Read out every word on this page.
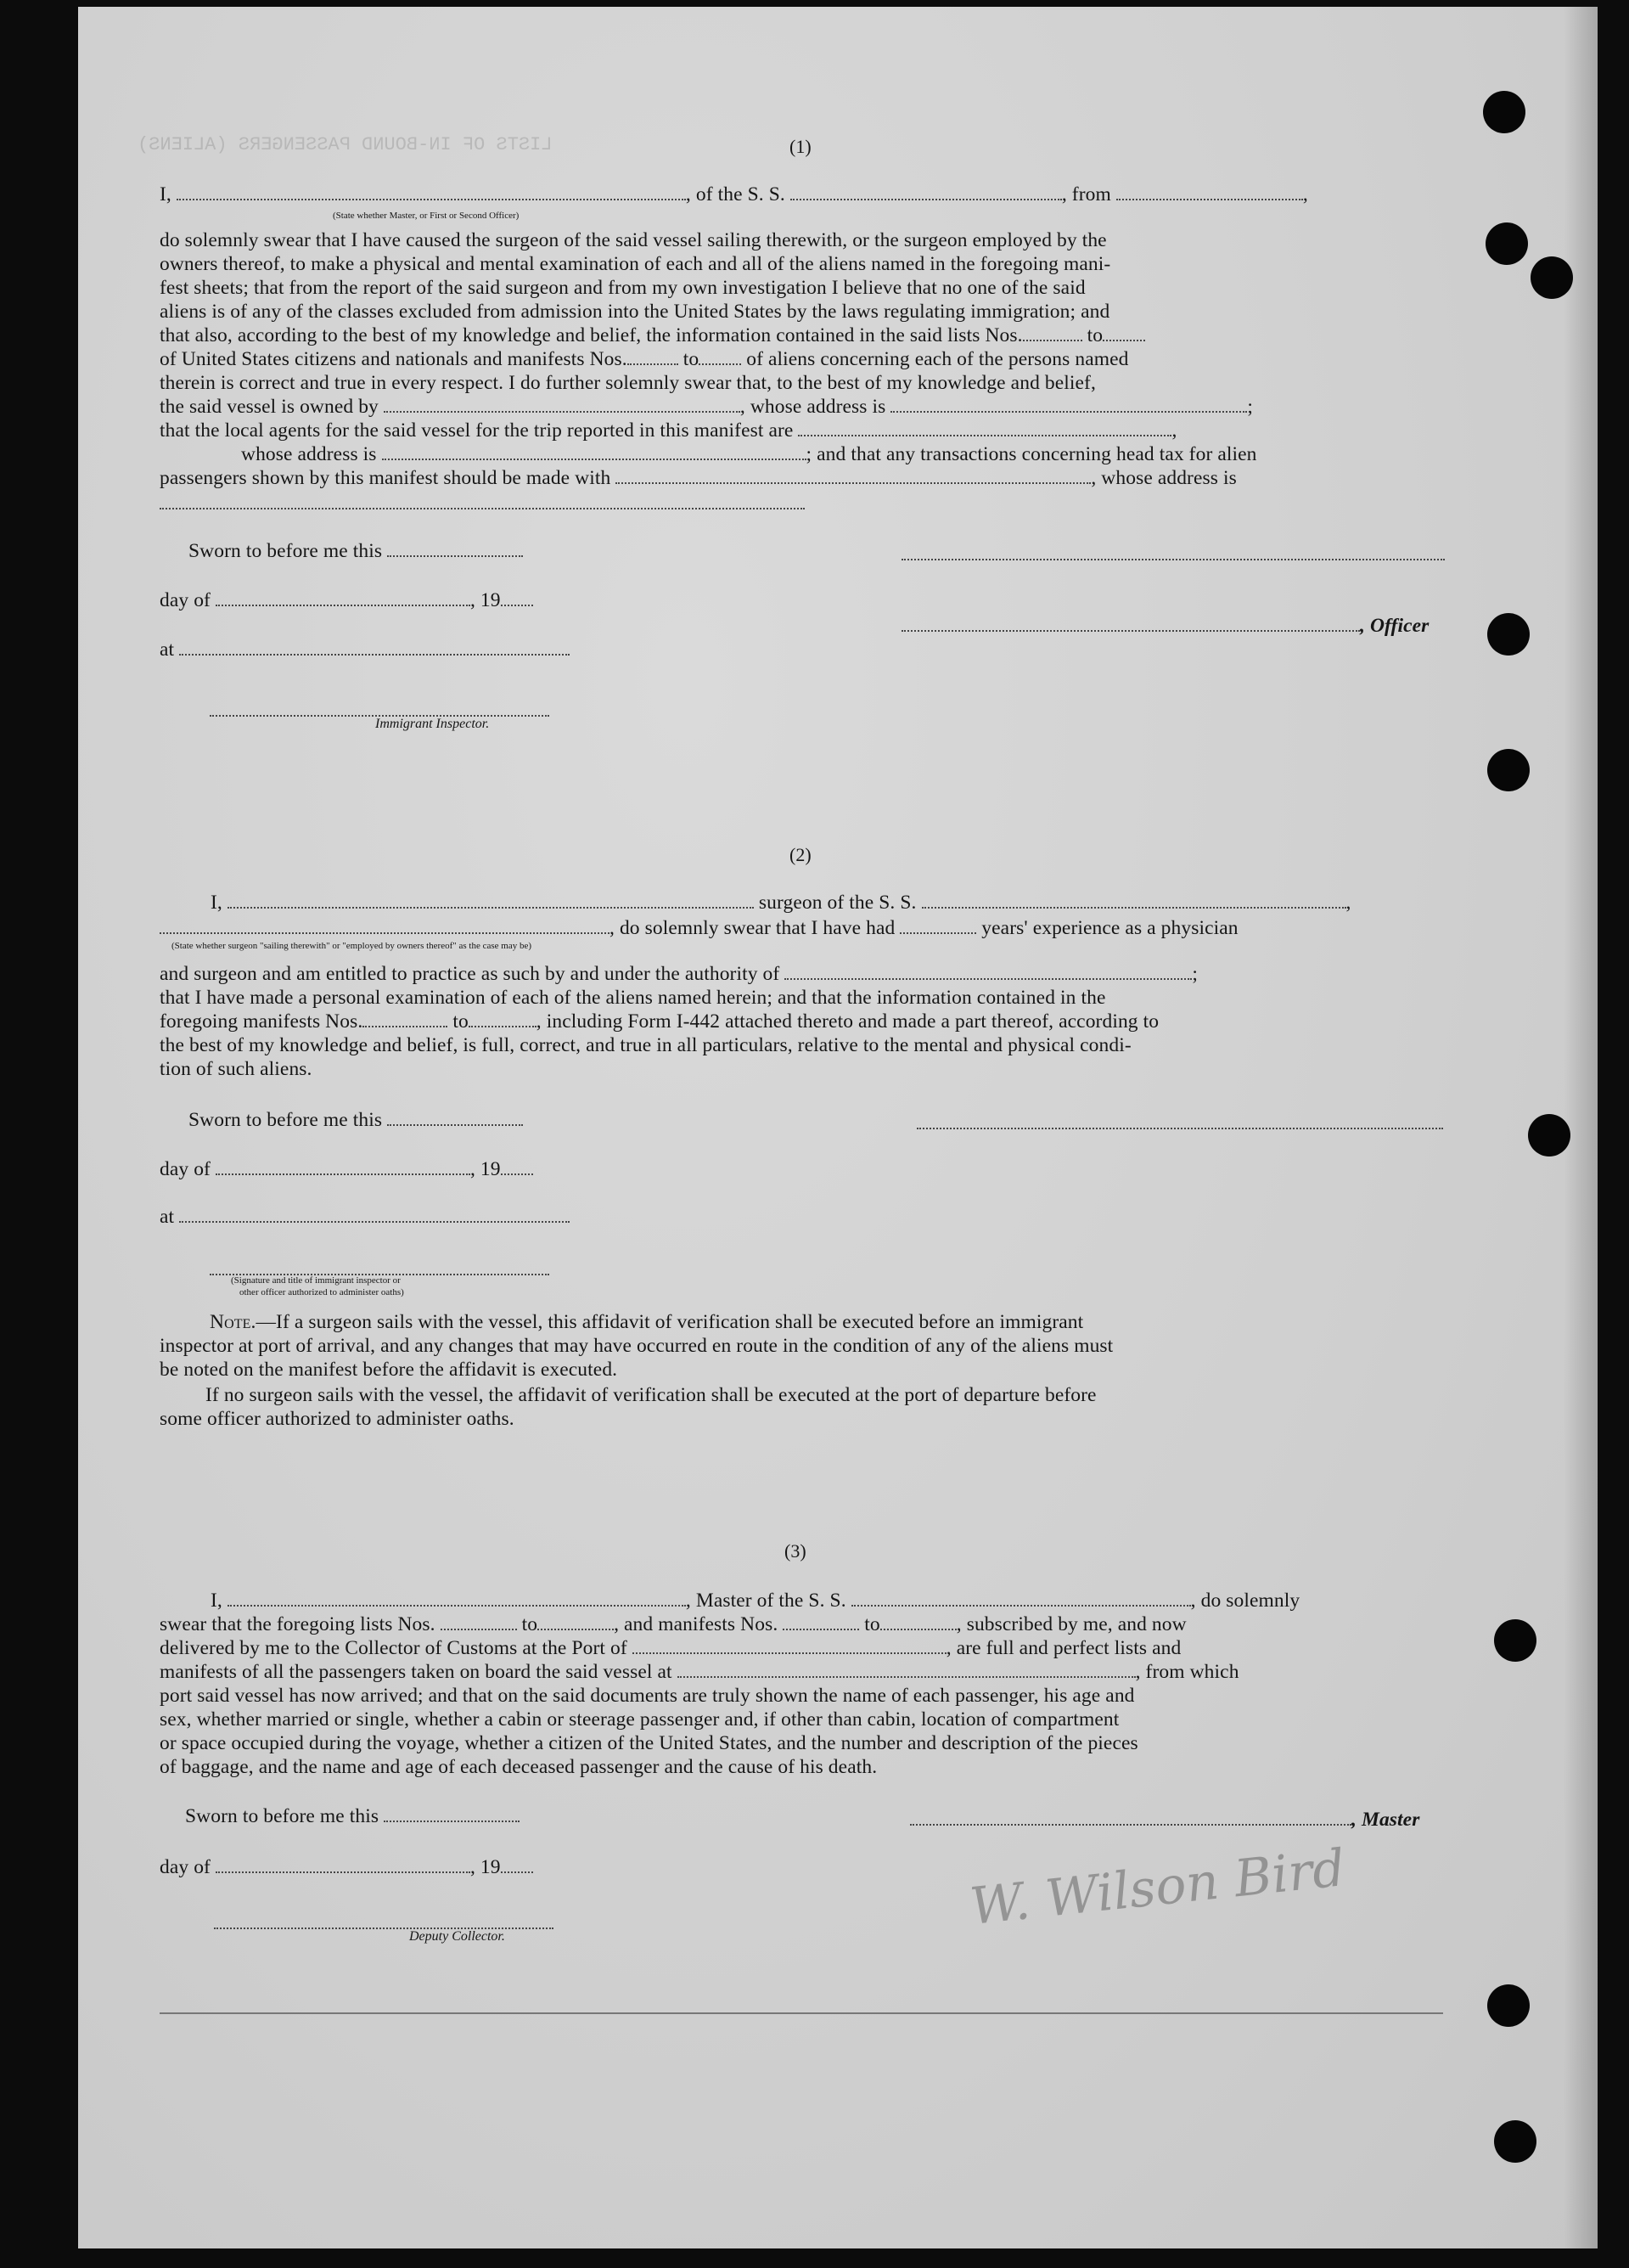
LISTS OF IN-BOUND PASSENGERS (ALIENS)
W. Wilson Bird
(1)
I,	, of the S. S.	, from	,
(State whether Master, or First or Second Officer)
do solemnly swear that I have caused the surgeon of the said vessel sailing therewith, or the surgeon employed by the
owners thereof, to make a physical and mental examination of each and all of the aliens named in the foregoing mani-
fest sheets; that from the report of the said surgeon and from my own investigation I believe that no one of the said
aliens is of any of the classes excluded from admission into the United States by the laws regulating immigration; and
that also, according to the best of my knowledge and belief, the information contained in the said lists Nos.	to
of United States citizens and nationals and manifests Nos.	to of aliens concerning each of the persons named
therein is correct and true in every respect. I do further solemnly swear that, to the best of my knowledge and belief,
the said vessel is owned by	, whose address is	;
that the local agents for the said vessel for the trip reported in this manifest are	,
whose address is	; and that any transactions concerning head tax for alien
passengers shown by this manifest should be made with	, whose address is
Sworn to before me this
day of	, 19
, Officer
at
Immigrant Inspector.
(2)
I,	surgeon of the S. S.	,
, do solemnly swear that I have had	years' experience as a physician
(State whether surgeon "sailing therewith" or "employed by owners thereof" as the case may be)
and surgeon and am entitled to practice as such by and under the authority of	;
that I have made a personal examination of each of the aliens named herein; and that the information contained in the
foregoing manifests Nos.	to	, including Form I-442 attached thereto and made a part thereof, according to
the best of my knowledge and belief, is full, correct, and true in all particulars, relative to the mental and physical condi-
tion of such aliens.
Sworn to before me this
day of	, 19
at
(Signature and title of immigrant inspector or
other officer authorized to administer oaths)
Note.—If a surgeon sails with the vessel, this affidavit of verification shall be executed before an immigrant
inspector at port of arrival, and any changes that may have occurred en route in the condition of any of the aliens must
be noted on the manifest before the affidavit is executed.
If no surgeon sails with the vessel, the affidavit of verification shall be executed at the port of departure before
some officer authorized to administer oaths.
(3)
I,	, Master of the S. S.	, do solemnly
swear that the foregoing lists Nos.	to	, and manifests Nos.	to	, subscribed by me, and now
delivered by me to the Collector of Customs at the Port of	, are full and perfect lists and
manifests of all the passengers taken on board the said vessel at	, from which
port said vessel has now arrived; and that on the said documents are truly shown the name of each passenger, his age and
sex, whether married or single, whether a cabin or steerage passenger and, if other than cabin, location of compartment
or space occupied during the voyage, whether a citizen of the United States, and the number and description of the pieces
of baggage, and the name and age of each deceased passenger and the cause of his death.
Sworn to before me this	, Master
day of	, 19
Deputy Collector.
